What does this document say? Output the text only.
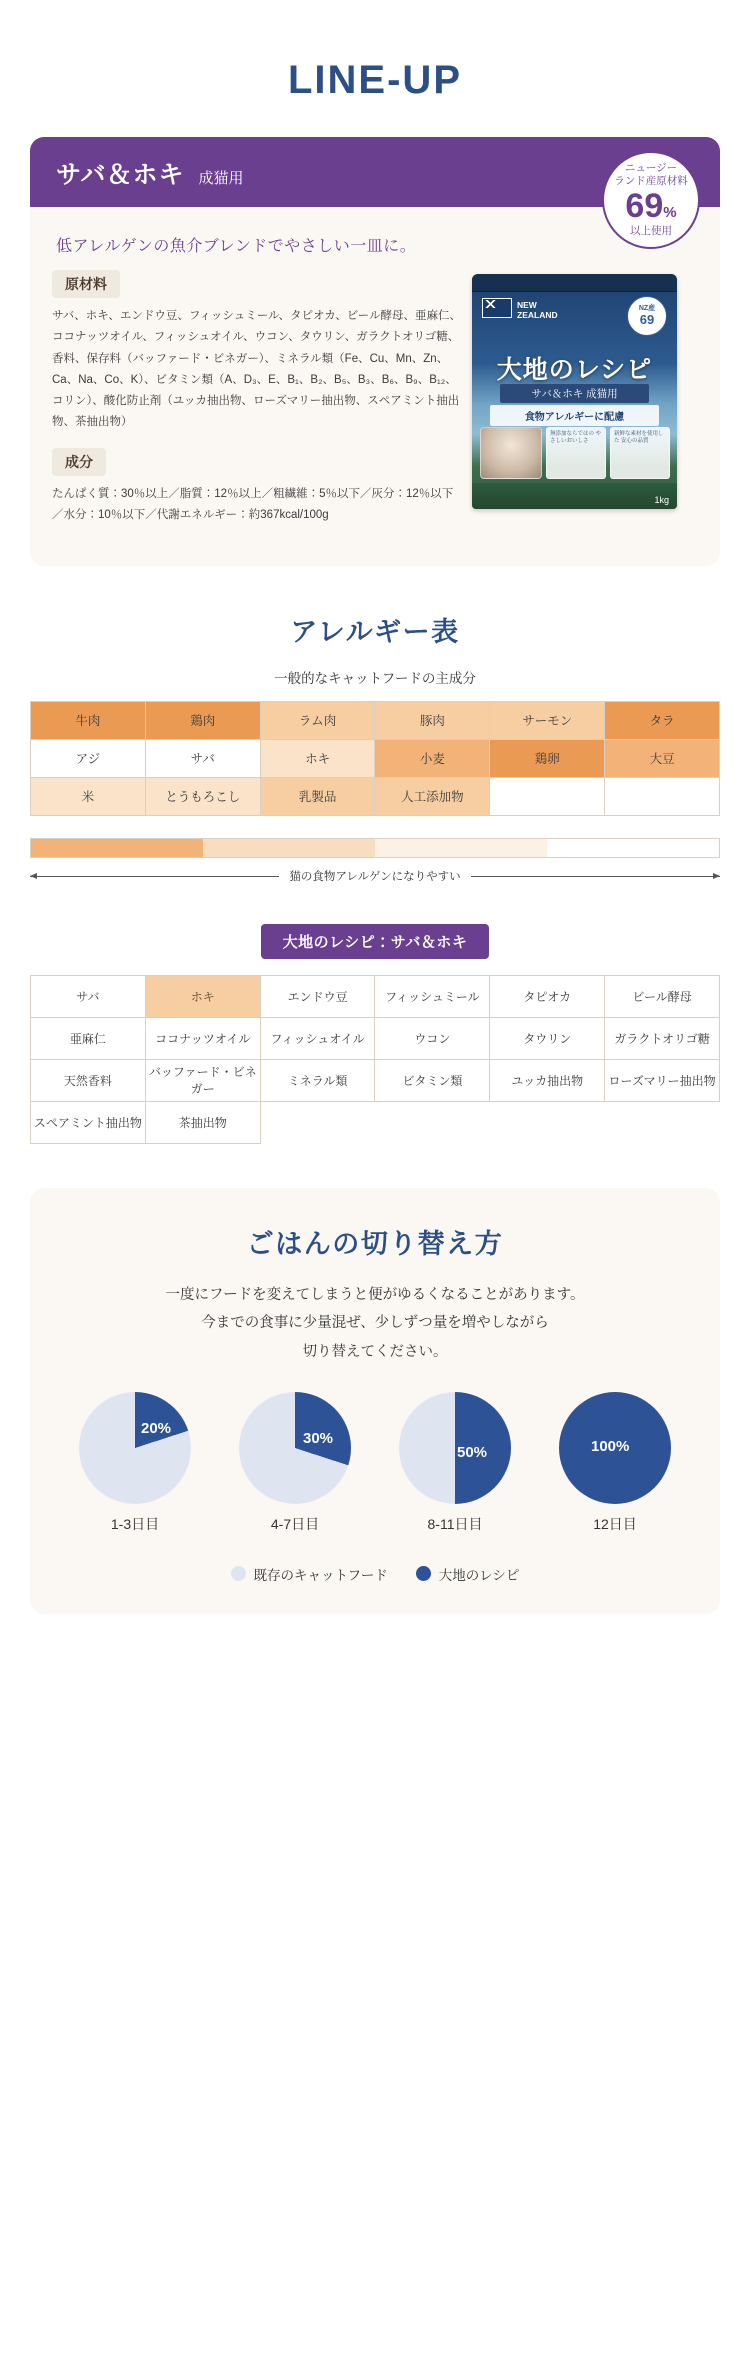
LINE-UP
ニュージー
ランド産原材料
69%
以上使用
サバ＆ホキ 成猫用
低アレルゲンの魚介ブレンドでやさしい一皿に。
原材料
サバ、ホキ、エンドウ豆、フィッシュミール、タピオカ、ビール酵母、亜麻仁、ココナッツオイル、フィッシュオイル、ウコン、タウリン、ガラクトオリゴ糖、香料、保存料（バッファード・ビネガー）、ミネラル類（Fe、Cu、Mn、Zn、Ca、Na、Co、K）、ビタミン類（A、D₃、E、B₁、B₂、B₅、B₃、B₆、B₉、B₁₂、コリン）、酸化防止剤（ユッカ抽出物、ローズマリー抽出物、スペアミント抽出物、茶抽出物）
成分
たんぱく質：30％以上／脂質：12％以上／粗繊維：5％以下／灰分：12％以下／水分：10％以下／代謝エネルギー：約367kcal/100g
NEW
ZEALAND
NZ産
69
大地のレシピ
サバ＆ホキ 成猫用
食物アレルギーに配慮
無添加ならではの やさしいおいしさ
新鮮な素材を使用した 安心の品質
1kg
アレルギー表
一般的なキャットフードの主成分
牛肉	鶏肉	ラム肉	豚肉	サーモン	タラ
アジ	サバ	ホキ	小麦	鶏卵	大豆
米	とうもろこし	乳製品	人工添加物		
猫の食物アレルゲンになりやすい
大地のレシピ：サバ＆ホキ
サバ	ホキ	エンドウ豆	フィッシュミール	タピオカ	ビール酵母
亜麻仁	ココナッツオイル	フィッシュオイル	ウコン	タウリン	ガラクトオリゴ糖
天然香料	バッファード・ビネガー	ミネラル類	ビタミン類	ユッカ抽出物	ローズマリー抽出物
スペアミント抽出物	茶抽出物				
ごはんの切り替え方
一度にフードを変えてしまうと便がゆるくなることがあります。
今までの食事に少量混ぜ、少しずつ量を増やしながら
切り替えてください。
20%
1-3日目
30%
4-7日目
50%
8-11日目
100%
12日目
既存のキャットフード	大地のレシピ
